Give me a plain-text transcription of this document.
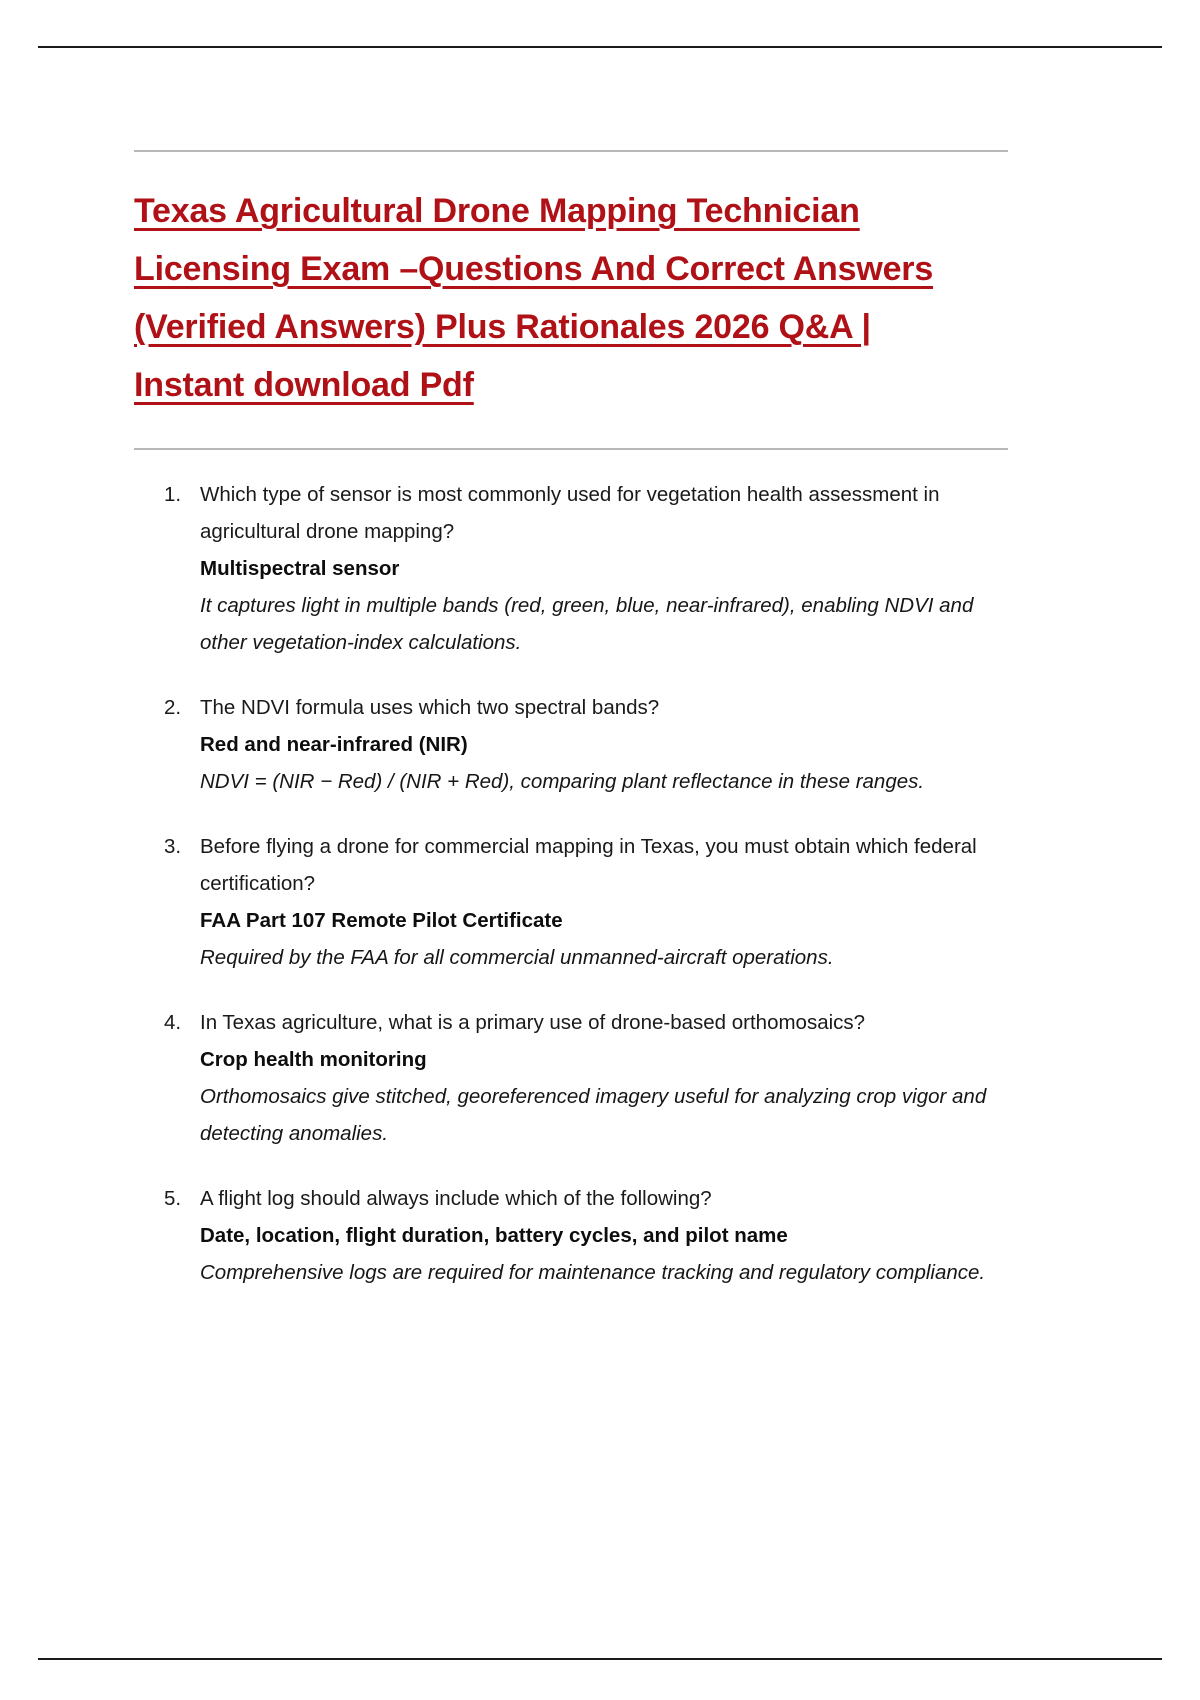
Texas Agricultural Drone Mapping Technician
Licensing Exam –Questions And Correct Answers
(Verified Answers) Plus Rationales 2026 Q&A |
Instant download Pdf
1. Which type of sensor is most commonly used for vegetation health assessment in agricultural drone mapping?
Multispectral sensor
It captures light in multiple bands (red, green, blue, near-infrared), enabling NDVI and other vegetation-index calculations.
2. The NDVI formula uses which two spectral bands?
Red and near-infrared (NIR)
NDVI = (NIR − Red) / (NIR + Red), comparing plant reflectance in these ranges.
3. Before flying a drone for commercial mapping in Texas, you must obtain which federal certification?
FAA Part 107 Remote Pilot Certificate
Required by the FAA for all commercial unmanned-aircraft operations.
4. In Texas agriculture, what is a primary use of drone-based orthomosaics?
Crop health monitoring
Orthomosaics give stitched, georeferenced imagery useful for analyzing crop vigor and detecting anomalies.
5. A flight log should always include which of the following?
Date, location, flight duration, battery cycles, and pilot name
Comprehensive logs are required for maintenance tracking and regulatory compliance.
